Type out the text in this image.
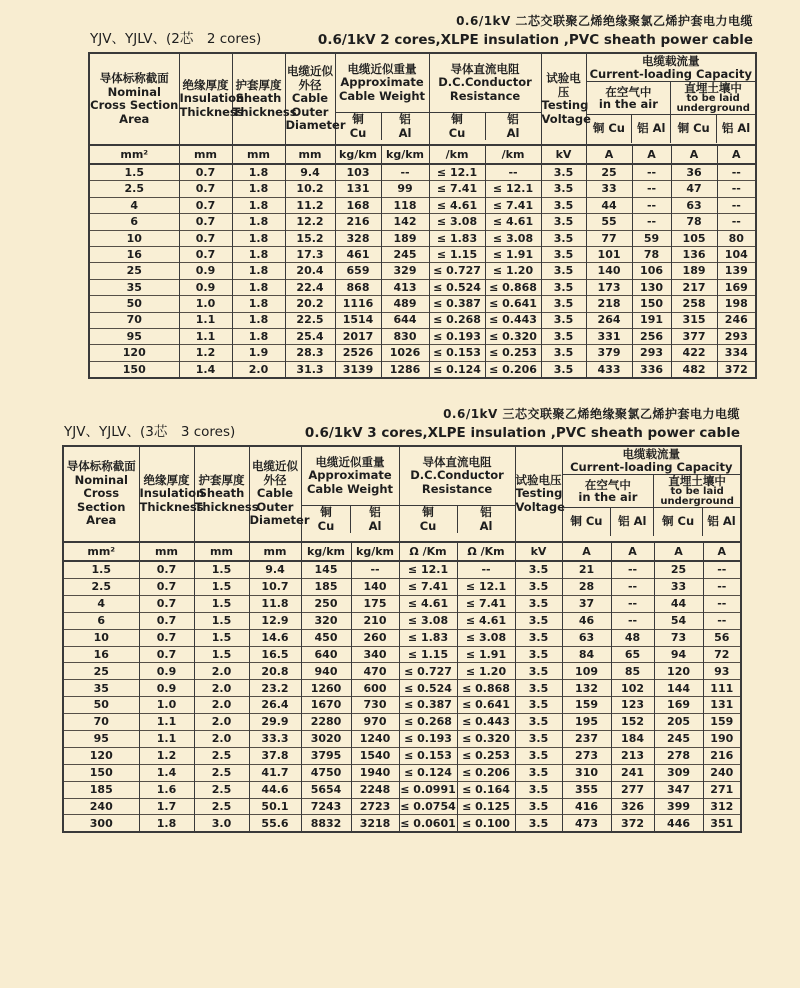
YJV、YJLV、(2芯　2 cores)
0.6/1kV 二芯交联聚乙烯绝缘聚氯乙烯护套电力电缆
0.6/1kV 2 cores,XLPE insulation ,PVC sheath power cable
导体标称截面
Nominal Cross Section Area

绝缘厚度
Insulation Thickness

护套厚度
Sheath Thickness

电缆近似外径
Cable Outer Diameter

电缆近似重量
Approximate Cable Weight
铜
Cu
铝
Al

导体直流电阻
D.C.Conductor Resistance
铜
Cu
铝
Al

试验电压
Testing Voltage

电缆载流量
Current-loading Capacity
在空气中
in the air
直埋土壤中
to be laid underground
铜 Cu	铝 Al	铜 Cu	铝 Al

mm²	mm	mm	mm	kg/km	kg/km	/km	/km	kV	A	A	A	A
1.5	0.7	1.8	9.4	103	--	≤ 12.1	--	3.5	25	--	36	--
2.5	0.7	1.8	10.2	131	99	≤ 7.41	≤ 12.1	3.5	33	--	47	--
4	0.7	1.8	11.2	168	118	≤ 4.61	≤ 7.41	3.5	44	--	63	--
6	0.7	1.8	12.2	216	142	≤ 3.08	≤ 4.61	3.5	55	--	78	--
10	0.7	1.8	15.2	328	189	≤ 1.83	≤ 3.08	3.5	77	59	105	80
16	0.7	1.8	17.3	461	245	≤ 1.15	≤ 1.91	3.5	101	78	136	104
25	0.9	1.8	20.4	659	329	≤ 0.727	≤ 1.20	3.5	140	106	189	139
35	0.9	1.8	22.4	868	413	≤ 0.524	≤ 0.868	3.5	173	130	217	169
50	1.0	1.8	20.2	1116	489	≤ 0.387	≤ 0.641	3.5	218	150	258	198
70	1.1	1.8	22.5	1514	644	≤ 0.268	≤ 0.443	3.5	264	191	315	246
95	1.1	1.8	25.4	2017	830	≤ 0.193	≤ 0.320	3.5	331	256	377	293
120	1.2	1.9	28.3	2526	1026	≤ 0.153	≤ 0.253	3.5	379	293	422	334
150	1.4	2.0	31.3	3139	1286	≤ 0.124	≤ 0.206	3.5	433	336	482	372
YJV、YJLV、(3芯　3 cores)
0.6/1kV 三芯交联聚乙烯绝缘聚氯乙烯护套电力电缆
0.6/1kV 3 cores,XLPE insulation ,PVC sheath power cable
导体标称截面
Nominal Cross Section Area

绝缘厚度
Insulation Thickness

护套厚度
Sheath Thickness

电缆近似外径
Cable Outer Diameter

电缆近似重量
Approximate Cable Weight
铜
Cu
铝
Al

导体直流电阻
D.C.Conductor Resistance
铜
Cu
铝
Al

试验电压
Testing Voltage

电缆载流量
Current-loading Capacity
在空气中
in the air
直埋土壤中
to be laid underground
铜 Cu	铝 Al	铜 Cu	铝 Al

mm²	mm	mm	mm	kg/km	kg/km	Ω /Km	Ω /Km	kV	A	A	A	A
1.5	0.7	1.5	9.4	145	--	≤ 12.1	--	3.5	21	--	25	--
2.5	0.7	1.5	10.7	185	140	≤ 7.41	≤ 12.1	3.5	28	--	33	--
4	0.7	1.5	11.8	250	175	≤ 4.61	≤ 7.41	3.5	37	--	44	--
6	0.7	1.5	12.9	320	210	≤ 3.08	≤ 4.61	3.5	46	--	54	--
10	0.7	1.5	14.6	450	260	≤ 1.83	≤ 3.08	3.5	63	48	73	56
16	0.7	1.5	16.5	640	340	≤ 1.15	≤ 1.91	3.5	84	65	94	72
25	0.9	2.0	20.8	940	470	≤ 0.727	≤ 1.20	3.5	109	85	120	93
35	0.9	2.0	23.2	1260	600	≤ 0.524	≤ 0.868	3.5	132	102	144	111
50	1.0	2.0	26.4	1670	730	≤ 0.387	≤ 0.641	3.5	159	123	169	131
70	1.1	2.0	29.9	2280	970	≤ 0.268	≤ 0.443	3.5	195	152	205	159
95	1.1	2.0	33.3	3020	1240	≤ 0.193	≤ 0.320	3.5	237	184	245	190
120	1.2	2.5	37.8	3795	1540	≤ 0.153	≤ 0.253	3.5	273	213	278	216
150	1.4	2.5	41.7	4750	1940	≤ 0.124	≤ 0.206	3.5	310	241	309	240
185	1.6	2.5	44.6	5654	2248	≤ 0.0991	≤ 0.164	3.5	355	277	347	271
240	1.7	2.5	50.1	7243	2723	≤ 0.0754	≤ 0.125	3.5	416	326	399	312
300	1.8	3.0	55.6	8832	3218	≤ 0.0601	≤ 0.100	3.5	473	372	446	351
